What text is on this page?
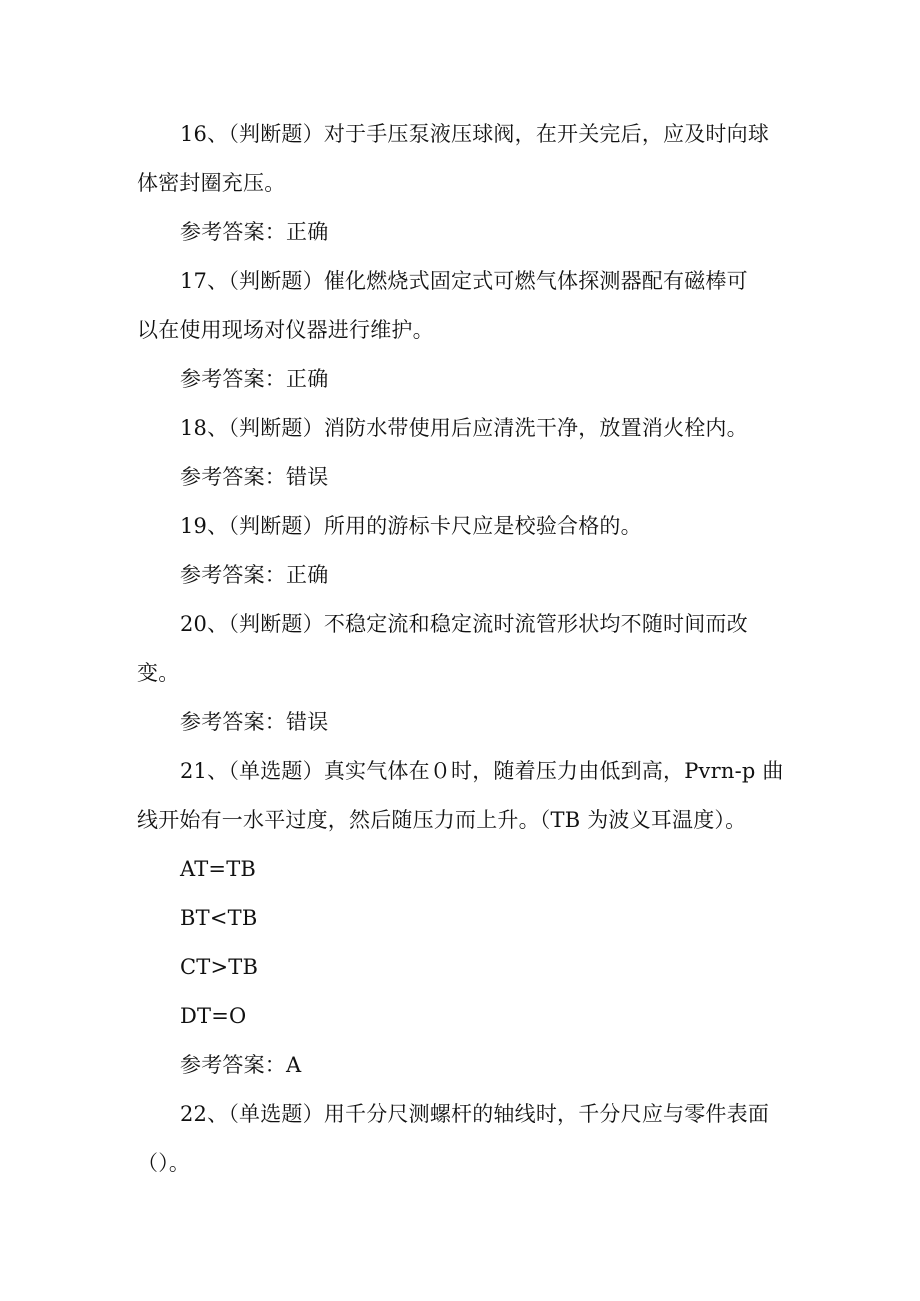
16、（判断题）对于手压泵液压球阀，在开关完后，应及时向球
体密封圈充压。
参考答案：正确
17、（判断题）催化燃烧式固定式可燃气体探测器配有磁棒可
以在使用现场对仪器进行维护。
参考答案：正确
18、（判断题）消防水带使用后应清洗干净，放置消火栓内。
参考答案：错误
19、（判断题）所用的游标卡尺应是校验合格的。
参考答案：正确
20、（判断题）不稳定流和稳定流时流管形状均不随时间而改
变。
参考答案：错误
21、（单选题）真实气体在０时，随着压力由低到高，Pvrn-p 曲
线开始有一水平过度，然后随压力而上升。（TB 为波义耳温度）。
AT=TB
BT<TB
CT>TB
DT=O
参考答案：A
22、（单选题）用千分尺测螺杆的轴线时，千分尺应与零件表面
（）。
